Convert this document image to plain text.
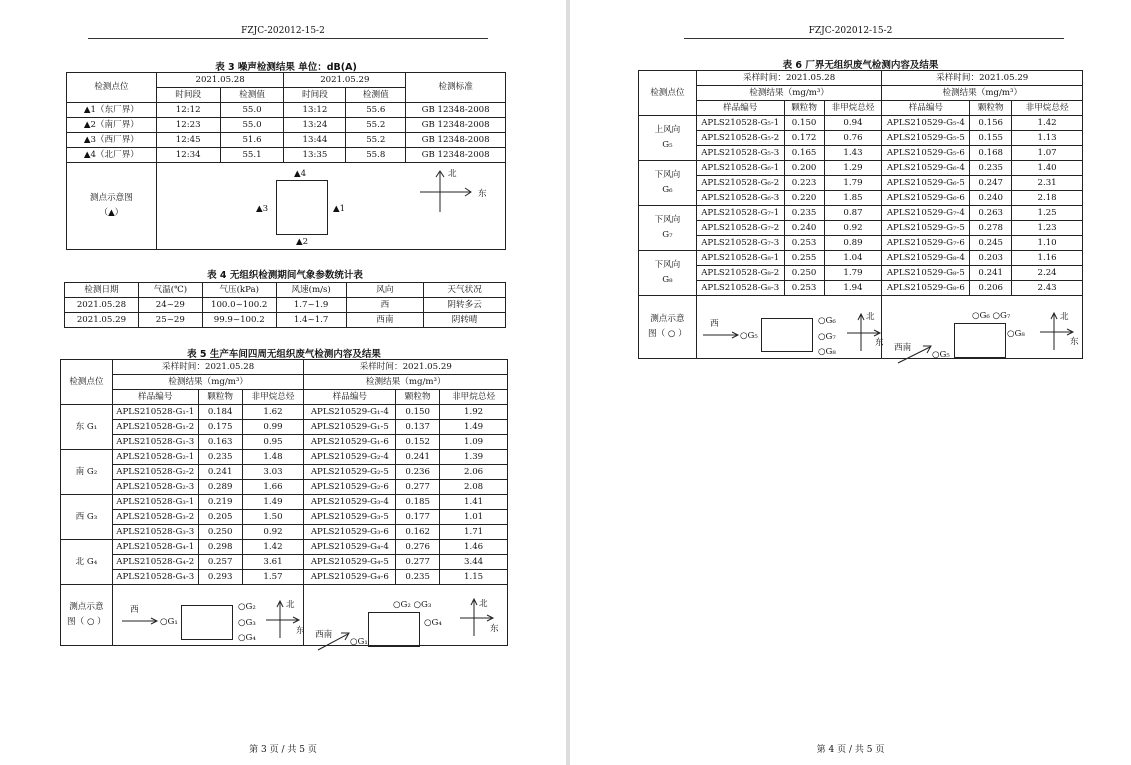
FZJC-202012-15-2
表 3 噪声检测结果 单位：dB(A)
检测点位	2021.05.28		2021.05.29		检测标准
	时间段	检测值	时间段	检测值	
▲1（东厂界）	12:12	55.0	13:12	55.6	GB 12348-2008
▲2（南厂界）	12:23	55.0	13:24	55.2	GB 12348-2008
▲3（西厂界）	12:45	51.6	13:44	55.2	GB 12348-2008
▲4（北厂界）	12:34	55.1	13:35	55.8	GB 12348-2008
测点示意图
（▲）					
▲4
▲1
▲3
▲2
北
东
表 4 无组织检测期间气象参数统计表
检测日期	气温(℃)	气压(kPa)	风速(m/s)	风向	天气状况
2021.05.28	24~29	100.0~100.2	1.7~1.9	西	阴转多云
2021.05.29	25~29	99.9~100.2	1.4~1.7	西南	阴转晴
表 5 生产车间四周无组织废气检测内容及结果
检测点位	采样时间：2021.05.28			采样时间：2021.05.29		
	检测结果（mg/m³）			检测结果（mg/m³）		
	样品编号	颗粒物	非甲烷总烃	样品编号	颗粒物	非甲烷总烃
东 G₁	APLS210528-G₁-1	0.184	1.62	APLS210529-G₁-4	0.150	1.92
	APLS210528-G₁-2	0.175	0.99	APLS210529-G₁-5	0.137	1.49
	APLS210528-G₁-3	0.163	0.95	APLS210529-G₁-6	0.152	1.09
南 G₂	APLS210528-G₂-1	0.235	1.48	APLS210529-G₂-4	0.241	1.39
	APLS210528-G₂-2	0.241	3.03	APLS210529-G₂-5	0.236	2.06
	APLS210528-G₂-3	0.289	1.66	APLS210529-G₂-6	0.277	2.08
西 G₃	APLS210528-G₃-1	0.219	1.49	APLS210529-G₃-4	0.185	1.41
	APLS210528-G₃-2	0.205	1.50	APLS210529-G₃-5	0.177	1.01
	APLS210528-G₃-3	0.250	0.92	APLS210529-G₃-6	0.162	1.71
北 G₄	APLS210528-G₄-1	0.298	1.42	APLS210529-G₄-4	0.276	1.46
	APLS210528-G₄-2	0.257	3.61	APLS210529-G₄-5	0.277	3.44
	APLS210528-G₄-3	0.293	1.57	APLS210529-G₄-6	0.235	1.15
测点示意
图（ ○ ）						
西
○G₁
○G₂
○G₃
○G₄
北
东
○G₂ ○G₃
○G₄
西南
○G₁
北
东
第 3 页 / 共 5 页
FZJC-202012-15-2
表 6 厂界无组织废气检测内容及结果
检测点位	采样时间：2021.05.28			采样时间：2021.05.29		
	检测结果（mg/m³）			检测结果（mg/m³）		
	样品编号	颗粒物	非甲烷总烃	样品编号	颗粒物	非甲烷总烃
上风向
G₅	APLS210528-G₅-1	0.150	0.94	APLS210529-G₅-4	0.156	1.42
	APLS210528-G₅-2	0.172	0.76	APLS210529-G₅-5	0.155	1.13
	APLS210528-G₅-3	0.165	1.43	APLS210529-G₅-6	0.168	1.07
下风向
G₆	APLS210528-G₆-1	0.200	1.29	APLS210529-G₆-4	0.235	1.40
	APLS210528-G₆-2	0.223	1.79	APLS210529-G₆-5	0.247	2.31
	APLS210528-G₆-3	0.220	1.85	APLS210529-G₆-6	0.240	2.18
下风向
G₇	APLS210528-G₇-1	0.235	0.87	APLS210529-G₇-4	0.263	1.25
	APLS210528-G₇-2	0.240	0.92	APLS210529-G₇-5	0.278	1.23
	APLS210528-G₇-3	0.253	0.89	APLS210529-G₇-6	0.245	1.10
下风向
G₈	APLS210528-G₈-1	0.255	1.04	APLS210529-G₈-4	0.203	1.16
	APLS210528-G₈-2	0.250	1.79	APLS210529-G₈-5	0.241	2.24
	APLS210528-G₈-3	0.253	1.94	APLS210529-G₈-6	0.206	2.43
测点示意
图（ ○ ）						
西
○G₅
○G₆
○G₇
○G₈
北
东
○G₆ ○G₇
○G₈
西南
○G₅
北
东
第 4 页 / 共 5 页
